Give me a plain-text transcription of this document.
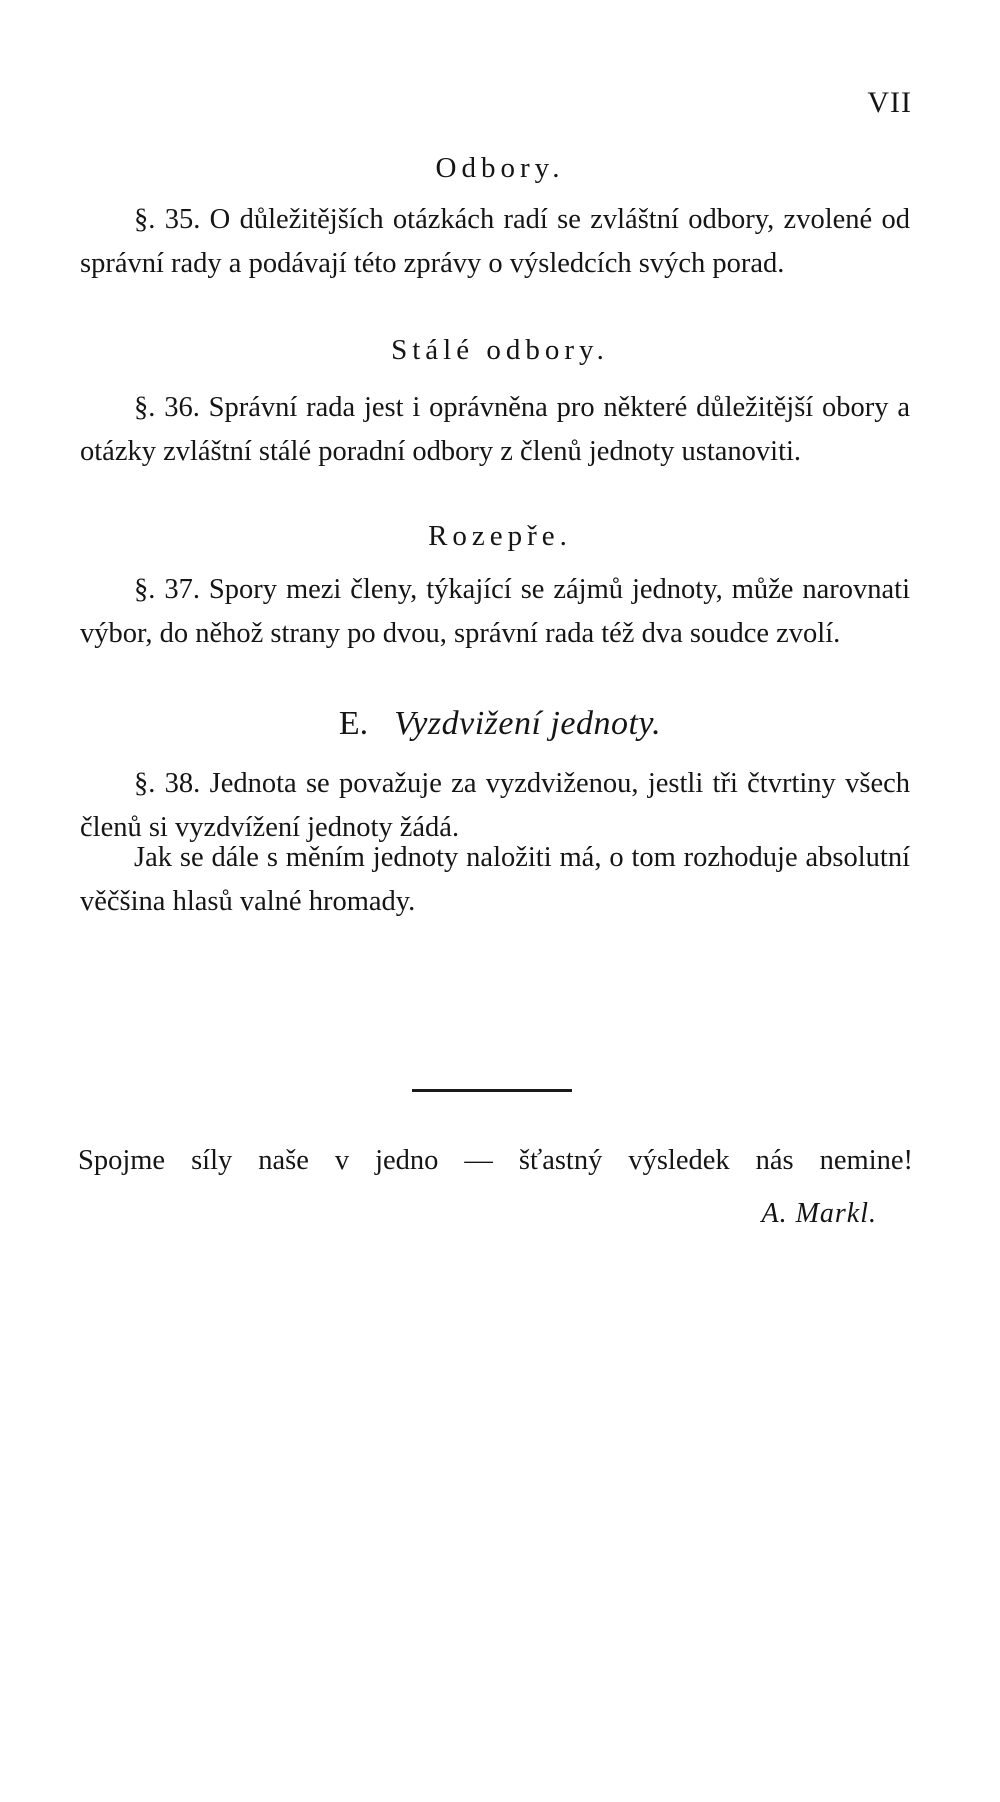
VII
Odbory.

§. 35. O důležitějších otázkách radí se zvláštní odbory, zvolené od správní rady a podávají této zprávy o výsledcích svých porad.

Stálé odbory.

§. 36. Správní rada jest i oprávněna pro některé důležitější obory a otázky zvláštní stálé poradní odbory z členů jednoty ustanoviti.

Rozepře.

§. 37. Spory mezi členy, týkající se zájmů jednoty, může narovnati výbor, do něhož strany po dvou, správní rada též dva soudce zvolí.

E. Vyzdvižení jednoty.

§. 38. Jednota se považuje za vyzdviženou, jestli tři čtvrtiny všech členů si vyzdvížení jednoty žádá.

Jak se dále s měním jednoty naložiti má, o tom rozhoduje absolutní věčšina hlasů valné hromady.

Spojme síly naše v jedno — šťastný výsledek nás nemine!
A. Markl.
